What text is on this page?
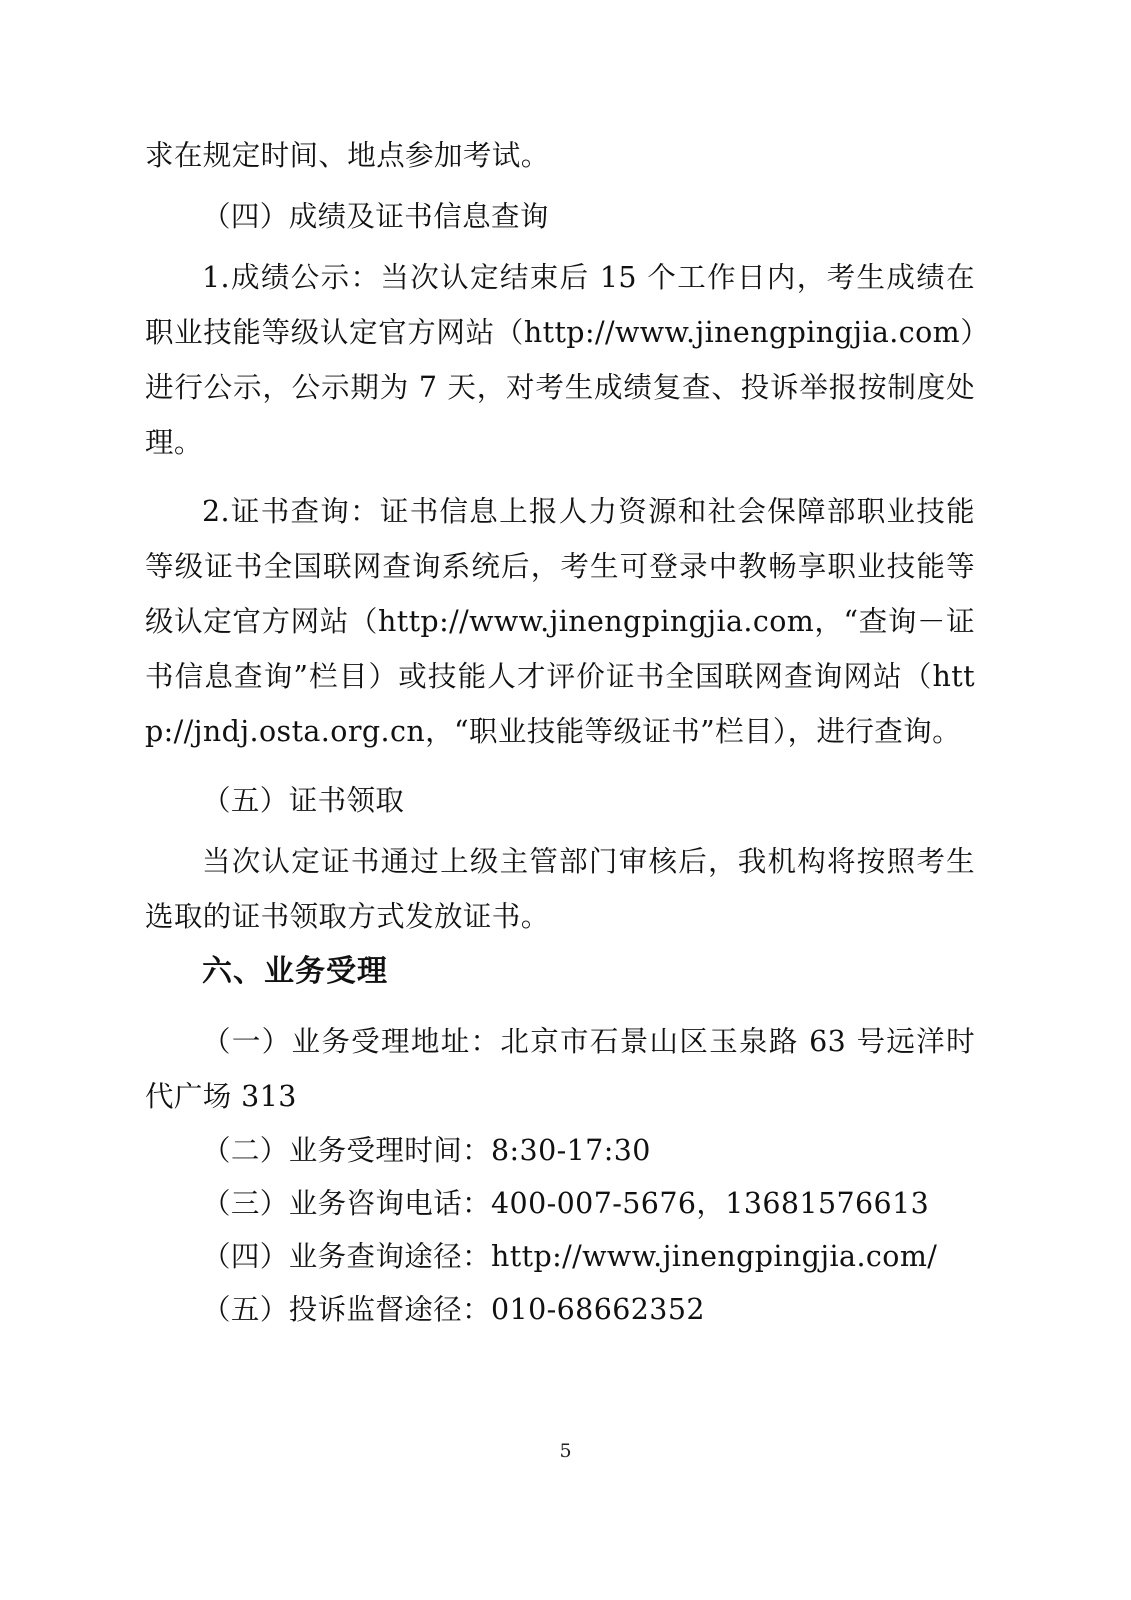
求在规定时间、地点参加考试。

（四）成绩及证书信息查询

1.成绩公示：当次认定结束后 15 个工作日内，考生成绩在职业技能等级认定官方网站（http://www.jinengpingjia.com）进行公示，公示期为 7 天，对考生成绩复查、投诉举报按制度处理。

2.证书查询：证书信息上报人力资源和社会保障部职业技能等级证书全国联网查询系统后，考生可登录中教畅享职业技能等级认定官方网站（http://www.jinengpingjia.com，“查询－证书信息查询”栏目）或技能人才评价证书全国联网查询网站（http://jndj.osta.org.cn，“职业技能等级证书”栏目），进行查询。

（五）证书领取

当次认定证书通过上级主管部门审核后，我机构将按照考生选取的证书领取方式发放证书。

六、业务受理

（一）业务受理地址：北京市石景山区玉泉路 63 号远洋时代广场 313

（二）业务受理时间：8:30-17:30

（三）业务咨询电话：400-007-5676，13681576613

（四）业务查询途径：http://www.jinengpingjia.com/

（五）投诉监督途径：010-68662352

5
